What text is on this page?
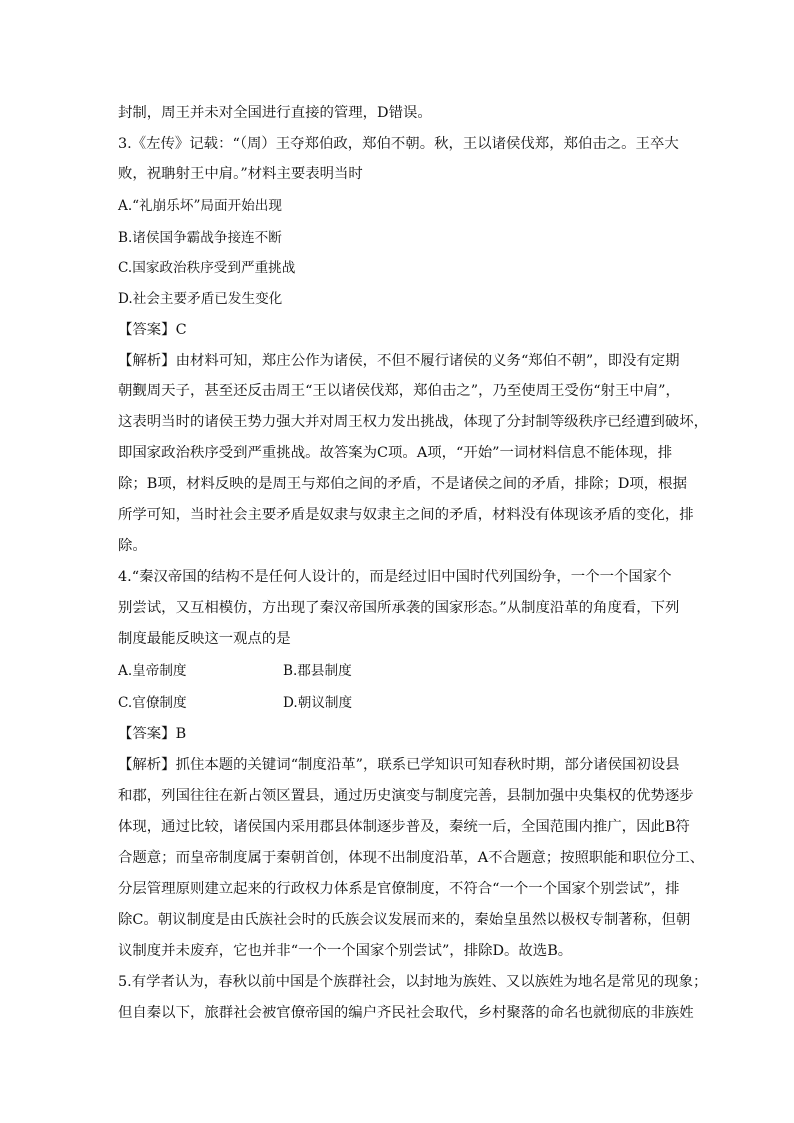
封制，周王并未对全国进行直接的管理，D错误。
3.《左传》记载：“（周）王夺郑伯政，郑伯不朝。秋，王以诸侯伐郑，郑伯击之。王卒大
败，祝聃射王中肩。”材料主要表明当时
A.“礼崩乐坏”局面开始出现
B.诸侯国争霸战争接连不断
C.国家政治秩序受到严重挑战
D.社会主要矛盾已发生变化
【答案】C
【解析】由材料可知，郑庄公作为诸侯，不但不履行诸侯的义务“郑伯不朝”，即没有定期
朝觐周天子，甚至还反击周王“王以诸侯伐郑，郑伯击之”，乃至使周王受伤“射王中肩”，
这表明当时的诸侯王势力强大并对周王权力发出挑战，体现了分封制等级秩序已经遭到破坏，
即国家政治秩序受到严重挑战。故答案为C项。A项，“开始”一词材料信息不能体现，排
除；B项，材料反映的是周王与郑伯之间的矛盾，不是诸侯之间的矛盾，排除；D项，根据
所学可知，当时社会主要矛盾是奴隶与奴隶主之间的矛盾，材料没有体现该矛盾的变化，排
除。
4.“秦汉帝国的结构不是任何人设计的，而是经过旧中国时代列国纷争，一个一个国家个
别尝试，又互相模仿，方出现了秦汉帝国所承袭的国家形态。”从制度沿革的角度看，下列
制度最能反映这一观点的是
A.皇帝制度	B.郡县制度
C.官僚制度	D.朝议制度
【答案】B
【解析】抓住本题的关键词“制度沿革”，联系已学知识可知春秋时期，部分诸侯国初设县
和郡，列国往往在新占领区置县，通过历史演变与制度完善，县制加强中央集权的优势逐步
体现，通过比较，诸侯国内采用郡县体制逐步普及，秦统一后，全国范围内推广，因此B符
合题意；而皇帝制度属于秦朝首创，体现不出制度沿革，A不合题意；按照职能和职位分工、
分层管理原则建立起来的行政权力体系是官僚制度，不符合“一个一个国家个别尝试”，排
除C。朝议制度是由氏族社会时的氏族会议发展而来的，秦始皇虽然以极权专制著称，但朝
议制度并未废弃，它也并非“一个一个国家个别尝试”，排除D。故选B。
5.有学者认为，春秋以前中国是个族群社会，以封地为族姓、又以族姓为地名是常见的现象；
但自秦以下，旅群社会被官僚帝国的编户齐民社会取代，乡村聚落的命名也就彻底的非族姓
